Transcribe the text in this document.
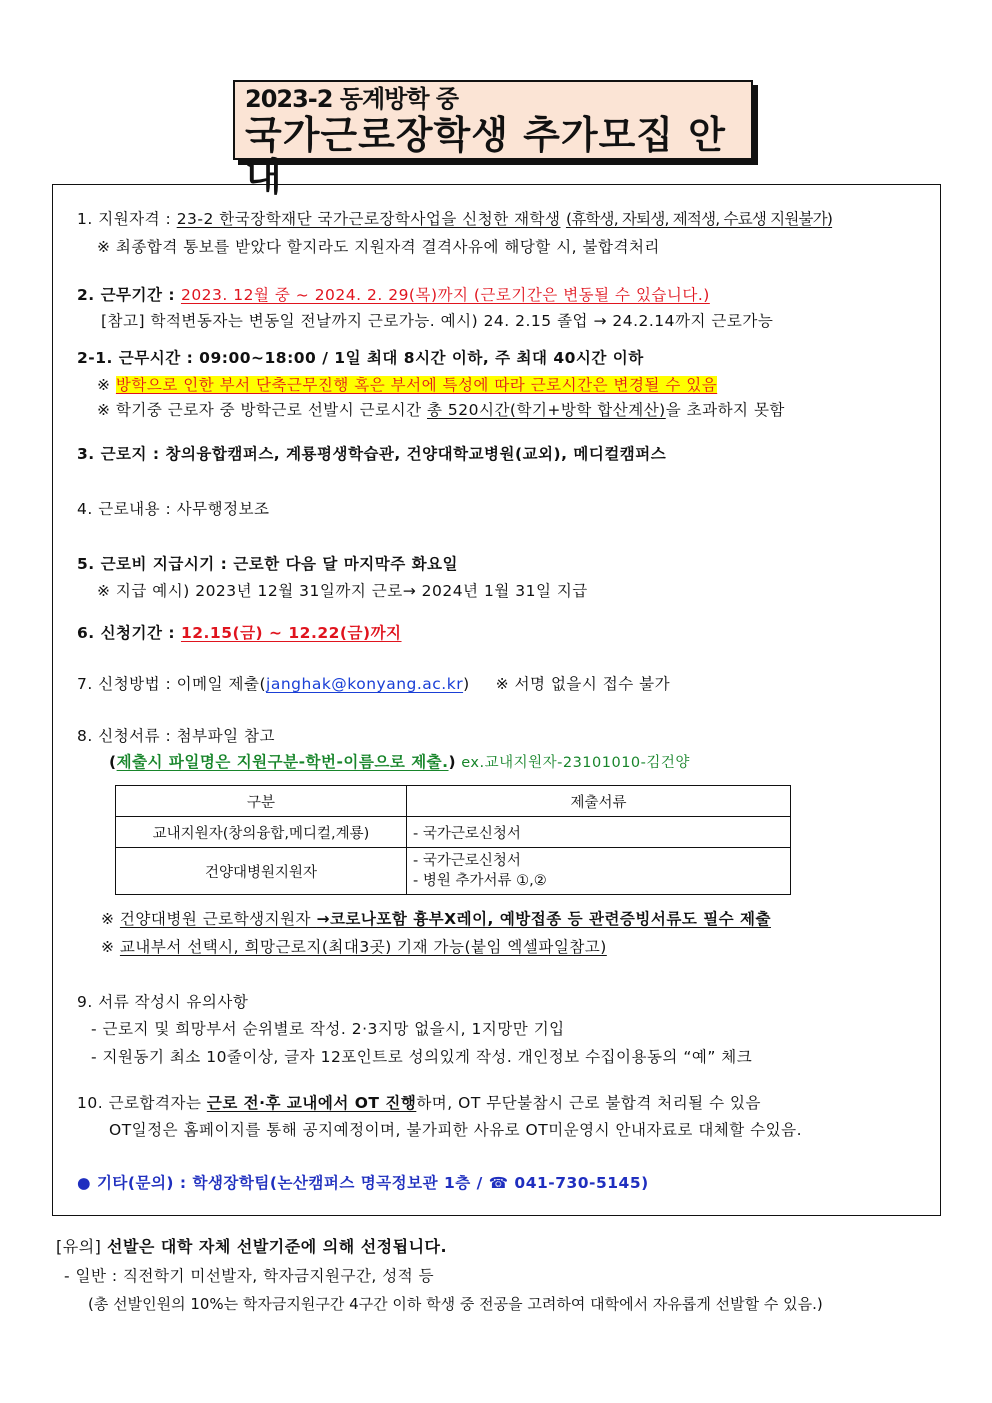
2023-2 동계방학 중
국가근로장학생 추가모집 안내
1. 지원자격 : 23-2 한국장학재단 국가근로장학사업을 신청한 재학생 (휴학생, 자퇴생, 제적생, 수료생 지원불가)
※ 최종합격 통보를 받았다 할지라도 지원자격 결격사유에 해당할 시, 불합격처리
2. 근무기간 : 2023. 12월 중 ~ 2024. 2. 29(목)까지 (근로기간은 변동될 수 있습니다.)
[참고] 학적변동자는 변동일 전날까지 근로가능. 예시) 24. 2.15 졸업 → 24.2.14까지 근로가능
2-1. 근무시간 : 09:00~18:00 / 1일 최대 8시간 이하, 주 최대 40시간 이하
※ 방학으로 인한 부서 단축근무진행 혹은 부서에 특성에 따라 근로시간은 변경될 수 있음
※ 학기중 근로자 중 방학근로 선발시 근로시간 총 520시간(학기+방학 합산계산)을 초과하지 못함
3. 근로지 : 창의융합캠퍼스, 계룡평생학습관, 건양대학교병원(교외), 메디컬캠퍼스
4. 근로내용 : 사무행정보조
5. 근로비 지급시기 : 근로한 다음 달 마지막주 화요일
※ 지급 예시) 2023년 12월 31일까지 근로→ 2024년 1월 31일 지급
6. 신청기간 : 12.15(금) ~ 12.22(금)까지
7. 신청방법 : 이메일 제출(janghak@konyang.ac.kr) ※ 서명 없을시 접수 불가
8. 신청서류 : 첨부파일 참고
(제출시 파일명은 지원구분-학번-이름으로 제출.) ex.교내지원자-23101010-김건양
구분	제출서류
교내지원자(창의융합,메디컬,계룡)	- 국가근로신청서
건양대병원지원자	- 국가근로신청서
- 병원 추가서류 ①,②
※ 건양대병원 근로학생지원자 →코로나포함 흉부X레이, 예방접종 등 관련증빙서류도 필수 제출
※ 교내부서 선택시, 희망근로지(최대3곳) 기재 가능(붙임 엑셀파일참고)
9. 서류 작성시 유의사항
- 근로지 및 희망부서 순위별로 작성. 2·3지망 없을시, 1지망만 기입
- 지원동기 최소 10줄이상, 글자 12포인트로 성의있게 작성. 개인정보 수집이용동의 “예” 체크
10. 근로합격자는 근로 전·후 교내에서 OT 진행하며, OT 무단불참시 근로 불합격 처리될 수 있음
OT일정은 홈페이지를 통해 공지예정이며, 불가피한 사유로 OT미운영시 안내자료로 대체할 수있음.
● 기타(문의) : 학생장학팀(논산캠퍼스 명곡정보관 1층 / ☎ 041-730-5145)
[유의] 선발은 대학 자체 선발기준에 의해 선정됩니다.
- 일반 : 직전학기 미선발자, 학자금지원구간, 성적 등
(총 선발인원의 10%는 학자금지원구간 4구간 이하 학생 중 전공을 고려하여 대학에서 자유롭게 선발할 수 있음.)
